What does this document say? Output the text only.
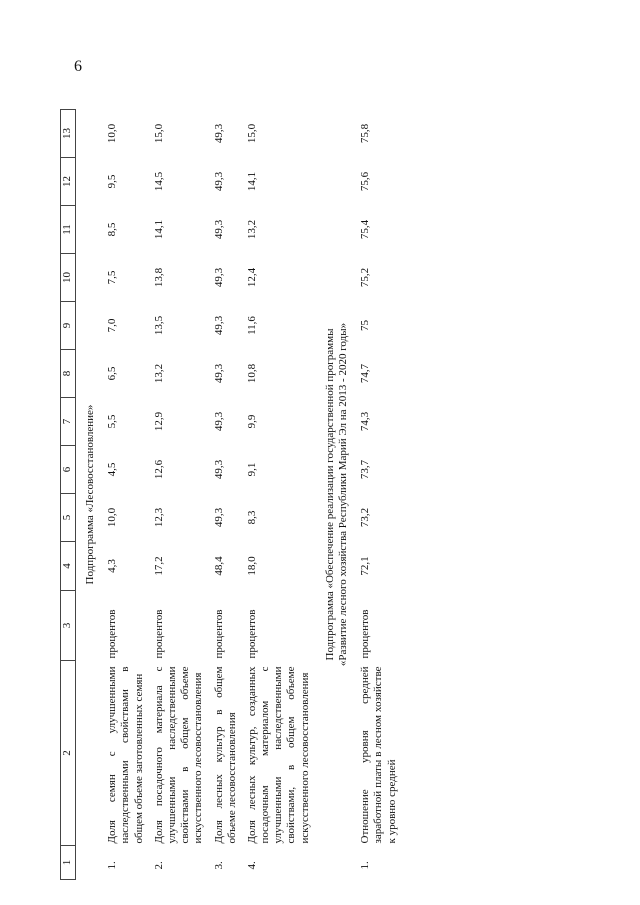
6
1	2	3	4	5	6	7	8	9	10	11	12	13

Подпрограмма «Лесовосстановление»												

1.	Доля семян с улучшенными наследственными свойствами в общем объеме заготовленных семян	процентов	4,3	10,0	4,5	5,5	6,5	7,0	7,5	8,5	9,5	10,0
2.	Доля посадочного материала с улучшенными наследственными свойствами в общем объеме искусственного лесовосстановления	процентов	17,2	12,3	12,6	12,9	13,2	13,5	13,8	14,1	14,5	15,0
3.	Доля лесных культур в общем объеме лесовосстановления	процентов	48,4	49,3	49,3	49,3	49,3	49,3	49,3	49,3	49,3	49,3
4.	Доля лесных культур, созданных посадочным материалом с улучшенными наследственными свойствами, в общем объеме искусственного лесовосстановления	процентов	18,0	8,3	9,1	9,9	10,8	11,6	12,4	13,2	14,1	15,0

Подпрограмма «Обеспечение реализации государственной программы «Развитие лесного хозяйства Республики Марий Эл на 2013 - 2020 годы»												

1.	Отношение уровня средней заработной платы в лесном хозяйстве к уровню средней	процентов	72,1	73,2	73,7	74,3	74,7	75	75,2	75,4	75,6	75,8
